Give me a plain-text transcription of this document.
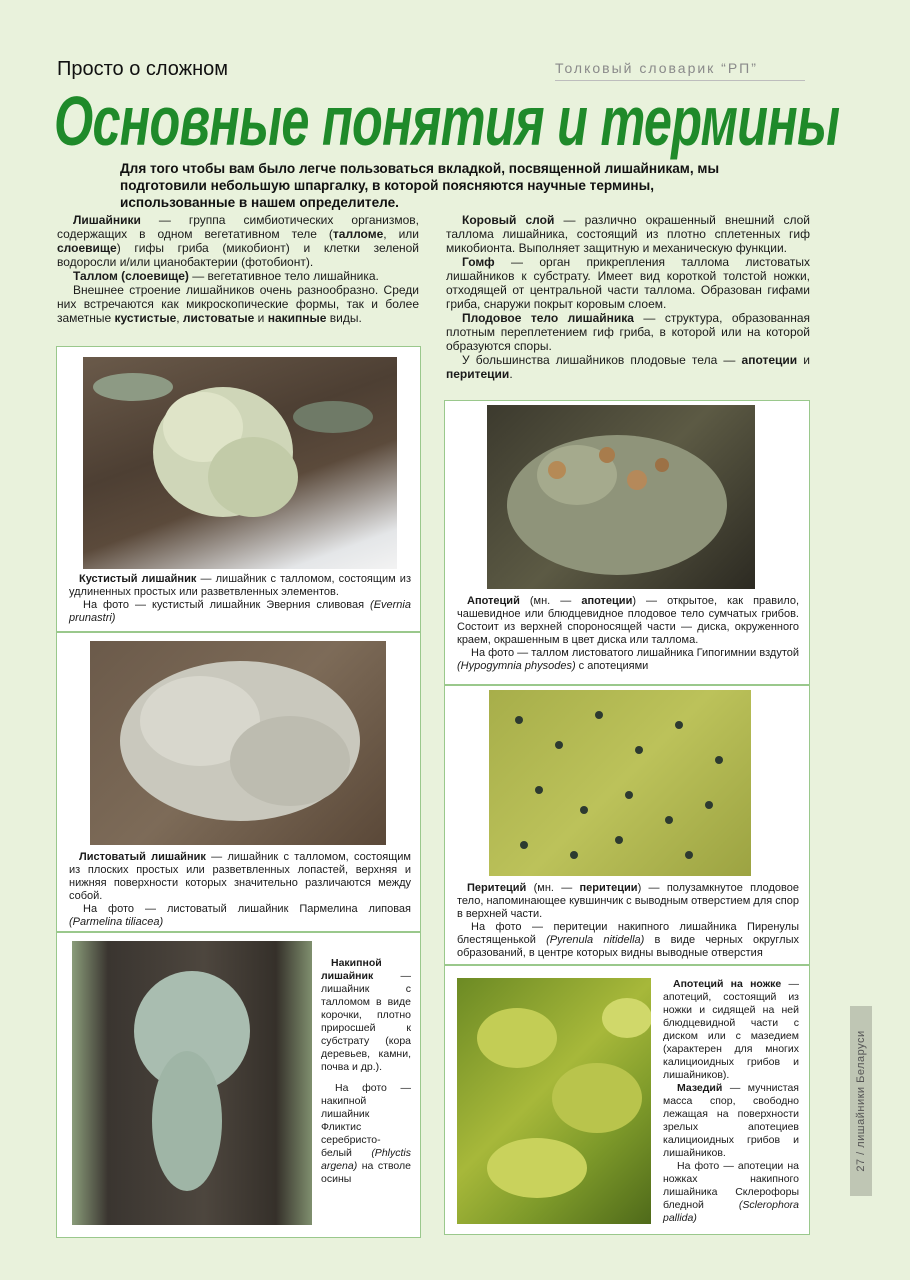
Просто о сложном	Толковый словарик “РП”
Основные понятия и термины
Для того чтобы вам было легче пользоваться вкладкой, посвященной лишайникам, мы подготовили небольшую шпаргалку, в которой поясняются научные термины, использованные в нашем определителе.

Лишайники — группа симбиотических организмов, содержащих в одном вегетативном теле (талломе, или слоевище) гифы гриба (микобионт) и клетки зеленой водоросли и/или цианобактерии (фотобионт).

Таллом (слоевище) — вегетативное тело лишайника.

Внешнее строение лишайников очень разнообразно. Среди них встречаются как микроскопические формы, так и более заметные кустистые, листоватые и накипные виды.

Коровый слой — различно окрашенный внешний слой таллома лишайника, состоящий из плотно сплетенных гиф микобионта. Выполняет защитную и механическую функции.

Гомф — орган прикрепления таллома листоватых лишайников к субстрату. Имеет вид короткой толстой ножки, отходящей от центральной части таллома. Образован гифами гриба, снаружи покрыт коровым слоем.

Плодовое тело лишайника — структура, образованная плотным переплетением гиф гриба, в которой или на которой образуются споры.

У большинства лишайников плодовые тела — апотеции и перитеции.

Кустистый лишайник — лишайник с талломом, состоящим из удлиненных простых или разветвленных элементов.

На фото — кустистый лишайник Эверния сливовая (Evernia prunastri)

Листоватый лишайник — лишайник с талломом, состоящим из плоских простых или разветвленных лопастей, верхняя и нижняя поверхности которых значительно различаются между собой.

На фото — листоватый лишайник Пармелина липовая (Parmelina tiliacea)

Накипной лишайник — лишайник с талломом в виде корочки, плотно приросшей к субстрату (кора деревьев, камни, почва и др.).

На фото — накипной лишайник Фликтис серебристо-белый (Phlyctis argena) на стволе осины

Апотеций (мн. — апотеции) — открытое, как правило, чашевидное или блюдцевидное плодовое тело сумчатых грибов. Состоит из верхней спороносящей части — диска, окруженного краем, окрашенным в цвет диска или таллома.

На фото — таллом листоватого лишайника Гипогимнии вздутой (Hypogymnia physodes) с апотециями

Перитеций (мн. — перитеции) — полузамкнутое плодовое тело, напоминающее кувшинчик с выводным отверстием для спор в верхней части.

На фото — перитеции накипного лишайника Пиренулы блестященькой (Pyrenula nitidella) в виде черных округлых образований, в центре которых видны выводные отверстия

Апотеций на ножке — апотеций, состоящий из ножки и сидящей на ней блюдцевидной части с диском или с мазедием (характерен для многих калициоидных грибов и лишайников).

Мазедий — мучнистая масса спор, свободно лежащая на поверхности зрелых апотециев калициоидных грибов и лишайников.

На фото — апотеции на ножках накипного лишайника Склерофоры бледной (Sclerophora pallida)

27 / лишайники Беларуси
